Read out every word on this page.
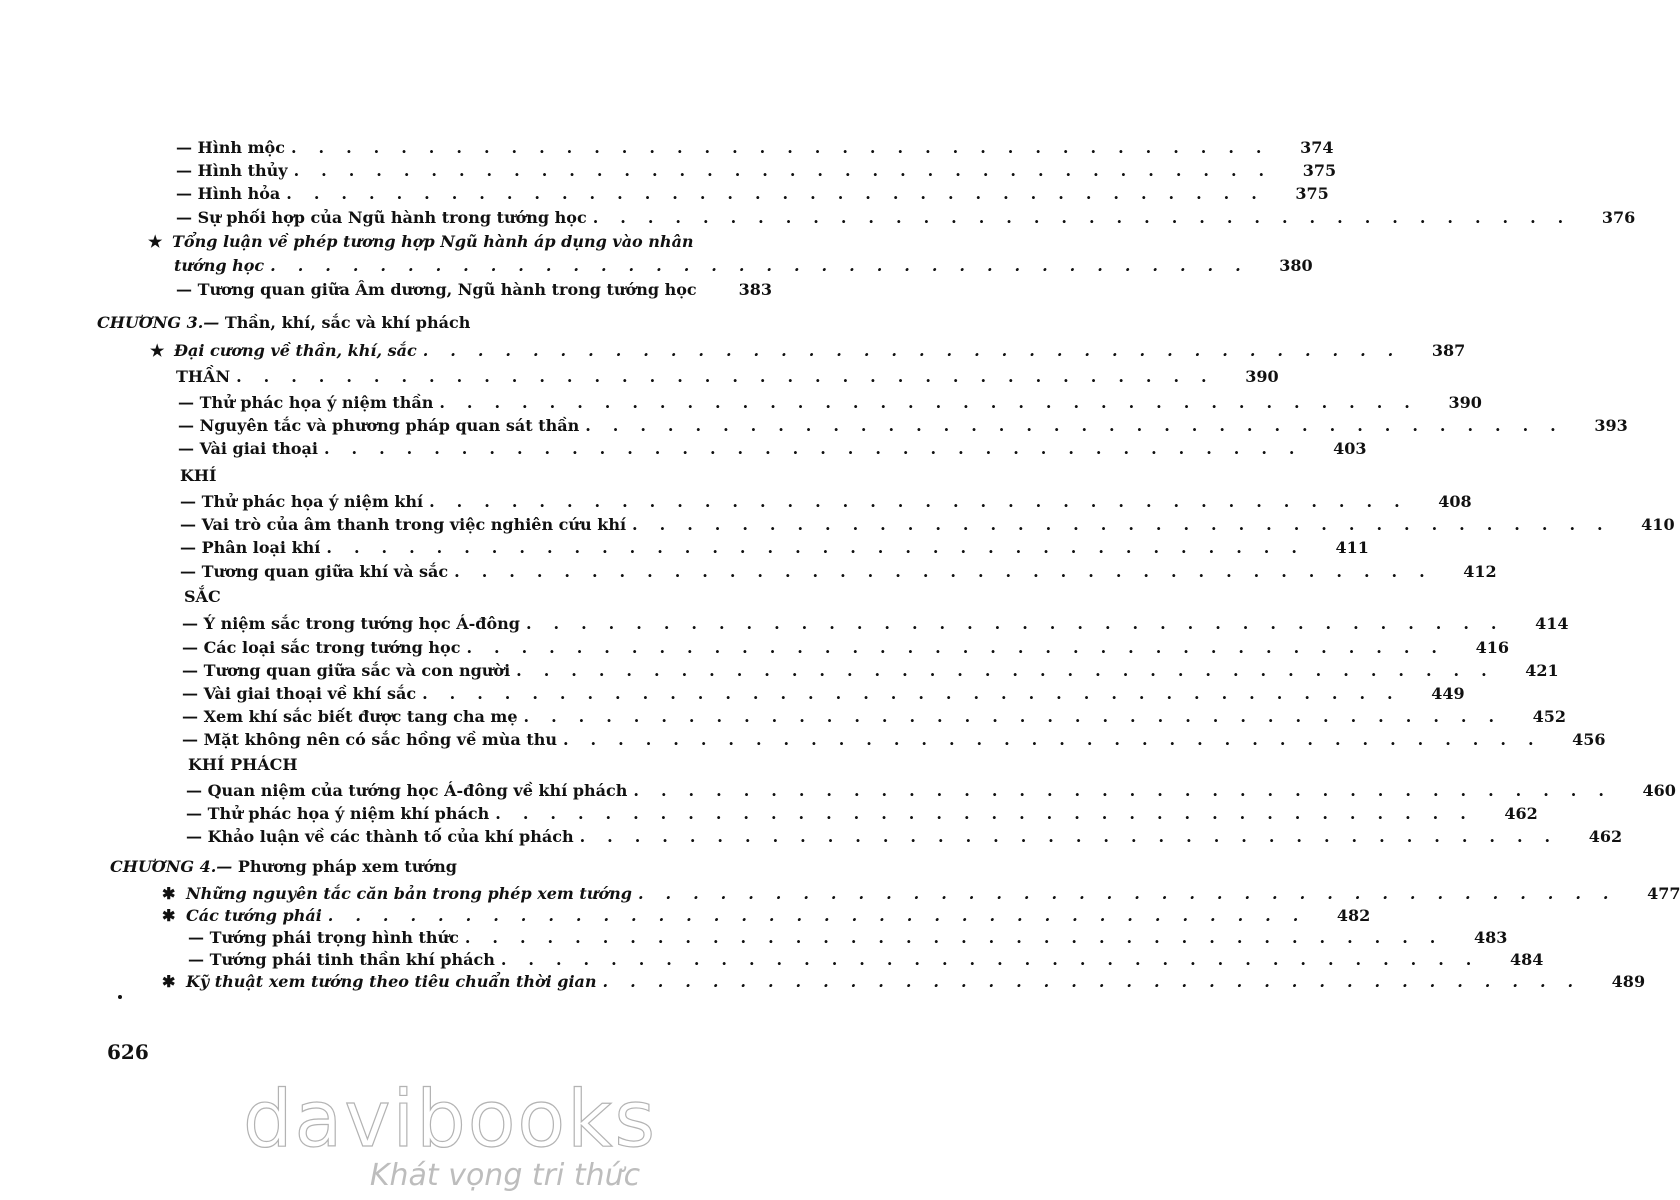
— Hình mộc ....................................	374
— Hình thủy ....................................	375
— Hình hỏa ....................................	375
— Sự phối hợp của Ngũ hành trong tướng học ....................................	376
★ Tổng luận về phép tương hợp Ngũ hành áp dụng vào nhân
tướng học ....................................	380
— Tương quan giữa Âm dương, Ngũ hành trong tướng học	383
CHƯƠNG 3.— Thần, khí, sắc và khí phách
★ Đại cương về thần, khí, sắc ....................................	387
THẦN ....................................	390
— Thử phác họa ý niệm thần ....................................	390
— Nguyên tắc và phương pháp quan sát thần ....................................	393
— Vài giai thoại ....................................	403
KHÍ
— Thử phác họa ý niệm khí ....................................	408
— Vai trò của âm thanh trong việc nghiên cứu khí ....................................	410
— Phân loại khí ....................................	411
— Tương quan giữa khí và sắc ....................................	412
SẮC
— Ý niệm sắc trong tướng học Á-đông ....................................	414
— Các loại sắc trong tướng học ....................................	416
— Tương quan giữa sắc và con người ....................................	421
— Vài giai thoại về khí sắc ....................................	449
— Xem khí sắc biết được tang cha mẹ ....................................	452
— Mặt không nên có sắc hồng về mùa thu ....................................	456
KHÍ PHÁCH
— Quan niệm của tướng học Á-đông về khí phách ....................................	460
— Thử phác họa ý niệm khí phách ....................................	462
— Khảo luận về các thành tố của khí phách ....................................	462
CHƯƠNG 4.— Phương pháp xem tướng
✱ Những nguyên tắc căn bản trong phép xem tướng ....................................	477
✱ Các tướng phái ....................................	482
— Tướng phái trọng hình thức ....................................	483
— Tướng phái tinh thần khí phách ....................................	484
✱ Kỹ thuật xem tướng theo tiêu chuẩn thời gian ....................................	489
626
davibooks
Khát vọng tri thức
